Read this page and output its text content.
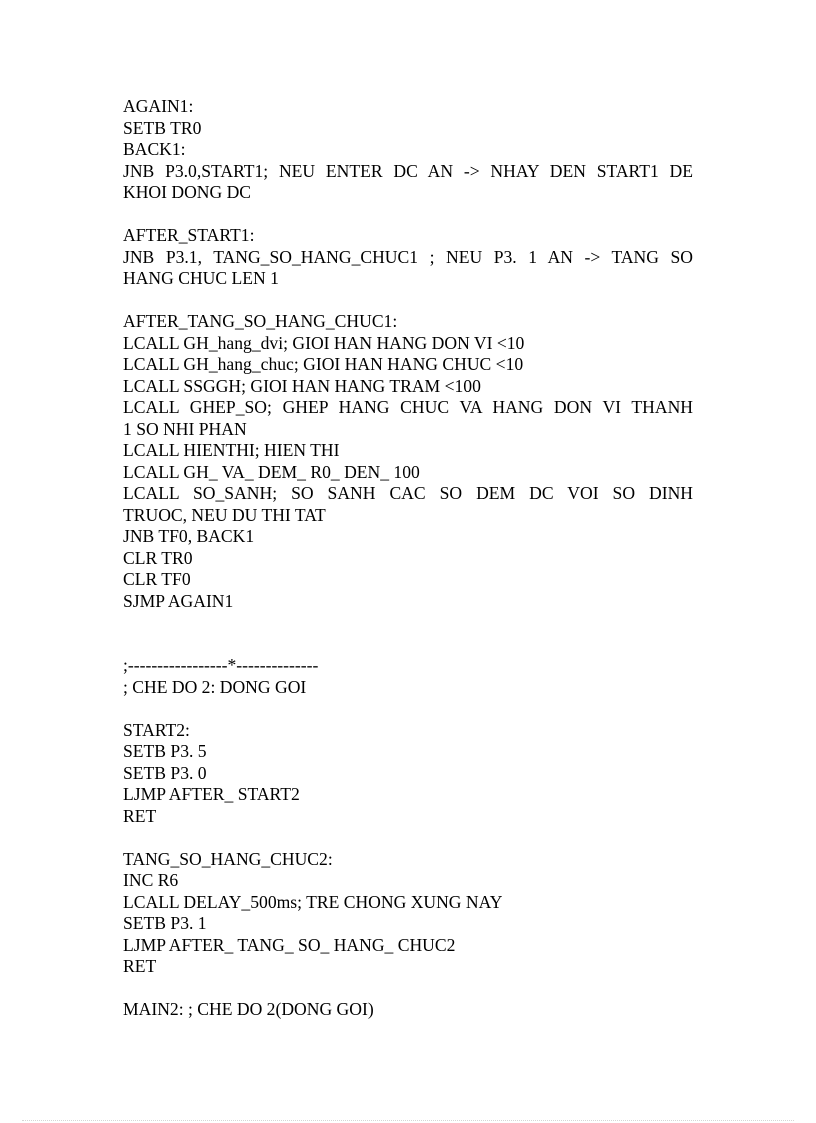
AGAIN1:
SETB TR0
BACK1:
JNB P3.0,START1; NEU ENTER DC AN -> NHAY DEN START1 DE
KHOI DONG DC
AFTER_START1:
JNB P3.1, TANG_SO_HANG_CHUC1 ; NEU P3. 1 AN -> TANG SO
HANG CHUC LEN 1
AFTER_TANG_SO_HANG_CHUC1:
LCALL GH_hang_dvi; GIOI HAN HANG DON VI <10
LCALL GH_hang_chuc; GIOI HAN HANG CHUC <10
LCALL SSGGH; GIOI HAN HANG TRAM <100
LCALL GHEP_SO; GHEP HANG CHUC VA HANG DON VI THANH
1 SO NHI PHAN
LCALL HIENTHI; HIEN THI
LCALL GH_ VA_ DEM_ R0_ DEN_ 100
LCALL SO_SANH; SO SANH CAC SO DEM DC VOI SO DINH
TRUOC, NEU DU THI TAT
JNB TF0, BACK1
CLR TR0
CLR TF0
SJMP AGAIN1
;-----------------*--------------
; CHE DO 2: DONG GOI
START2:
SETB P3. 5
SETB P3. 0
LJMP AFTER_ START2
RET
TANG_SO_HANG_CHUC2:
INC R6
LCALL DELAY_500ms; TRE CHONG XUNG NAY
SETB P3. 1
LJMP AFTER_ TANG_ SO_ HANG_ CHUC2
RET
MAIN2: ; CHE DO 2(DONG GOI)
